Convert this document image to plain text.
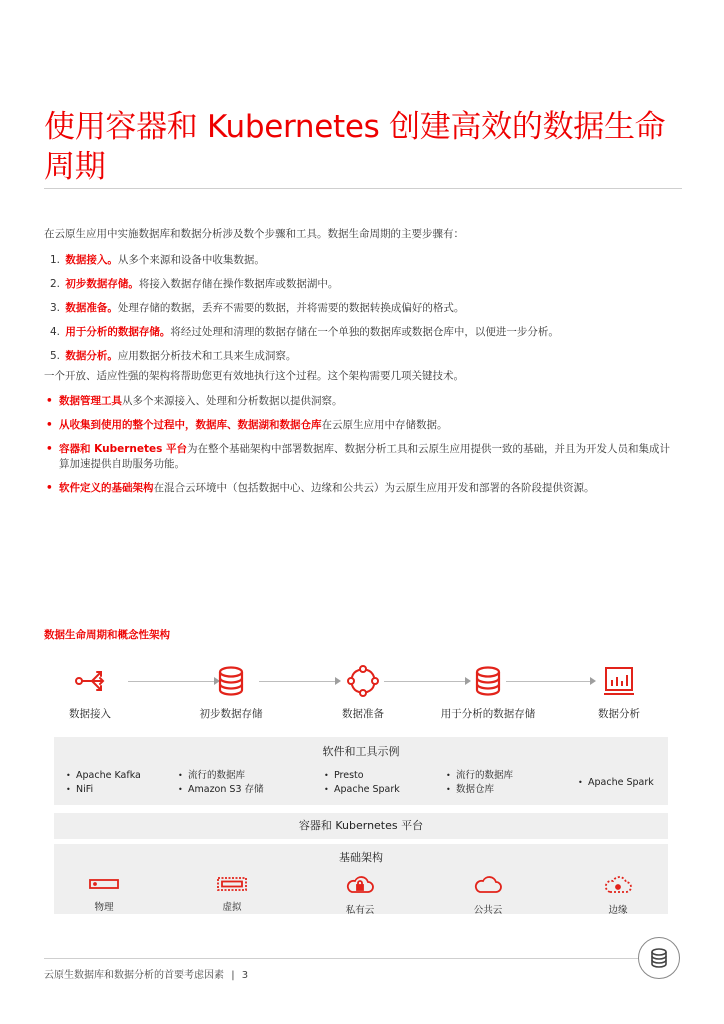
使用容器和 Kubernetes 创建高效的数据生命周期

在云原生应用中实施数据库和数据分析涉及数个步骤和工具。数据生命周期的主要步骤有：

1. 数据接入。从多个来源和设备中收集数据。
2. 初步数据存储。将接入数据存储在操作数据库或数据湖中。
3. 数据准备。处理存储的数据，丢弃不需要的数据，并将需要的数据转换成偏好的格式。
4. 用于分析的数据存储。将经过处理和清理的数据存储在一个单独的数据库或数据仓库中，以便进一步分析。
5. 数据分析。应用数据分析技术和工具来生成洞察。

一个开放、适应性强的架构将帮助您更有效地执行这个过程。这个架构需要几项关键技术。

• 数据管理工具从多个来源接入、处理和分析数据以提供洞察。
• 从收集到使用的整个过程中，数据库、数据湖和数据仓库在云原生应用中存储数据。
• 容器和 Kubernetes 平台为在整个基础架构中部署数据库、数据分析工具和云原生应用提供一致的基础，并且为开发人员和集成计算加速提供自助服务功能。
• 软件定义的基础架构在混合云环境中（包括数据中心、边缘和公共云）为云原生应用开发和部署的各阶段提供资源。
数据生命周期和概念性架构
数据接入	初步数据存储	数据准备	用于分析的数据存储	数据分析
软件和工具示例
• Apache Kafka
• NiFi
• 流行的数据库
• Amazon S3 存储
• Presto
• Apache Spark
• 流行的数据库
• 数据仓库
• Apache Spark
容器和 Kubernetes 平台
基础架构
物理	虚拟	私有云	公共云	边缘
云原生数据库和数据分析的首要考虑因素 | 3
